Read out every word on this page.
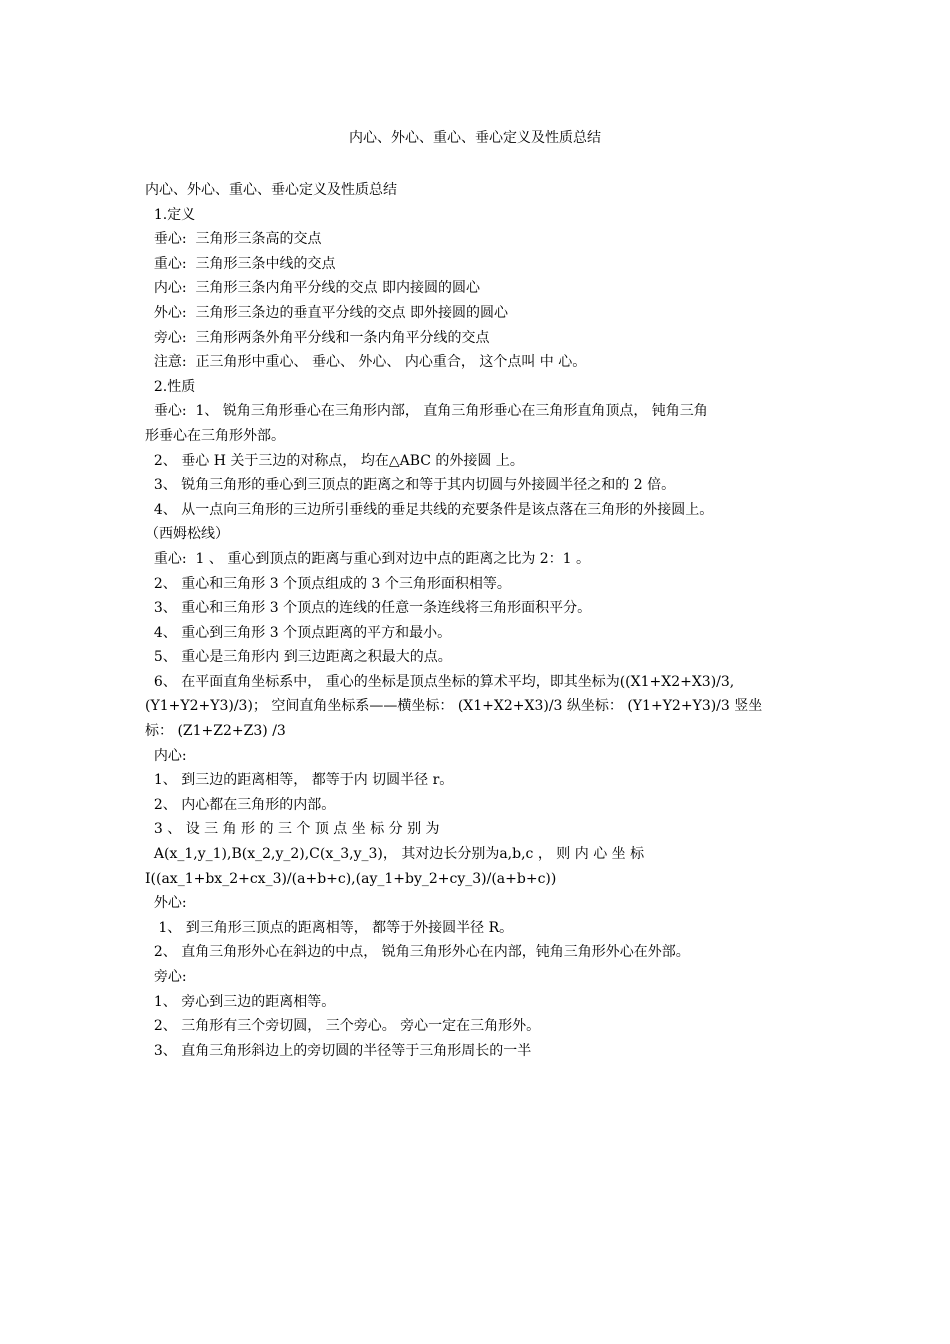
内心、外心、重心、垂心定义及性质总结
内心、外心、重心、垂心定义及性质总结
1.定义
垂心:  三角形三条高的交点
重心:  三角形三条中线的交点
内心:  三角形三条内角平分线的交点 即内接圆的圆心
外心:  三角形三条边的垂直平分线的交点 即外接圆的圆心
旁心:  三角形两条外角平分线和一条内角平分线的交点
注意:  正三角形中重心、 垂心、 外心、 内心重合， 这个点叫 中 心。
2.性质
垂心:  1、 锐角三角形垂心在三角形内部， 直角三角形垂心在三角形直角顶点， 钝角三角
形垂心在三角形外部。
2、 垂心 H 关于三边的对称点， 均在△ABC 的外接圆 上。
3、 锐角三角形的垂心到三顶点的距离之和等于其内切圆与外接圆半径之和的 2 倍。
4、 从一点向三角形的三边所引垂线的垂足共线的充要条件是该点落在三角形的外接圆上。
（西姆松线）
重心:  1 、 重心到顶点的距离与重心到对边中点的距离之比为 2：1 。
2、 重心和三角形 3 个顶点组成的 3 个三角形面积相等。
3、 重心和三角形 3 个顶点的连线的任意一条连线将三角形面积平分。
4、 重心到三角形 3 个顶点距离的平方和最小。
5、 重心是三角形内 到三边距离之积最大的点。
6、 在平面直角坐标系中， 重心的坐标是顶点坐标的算术平均，即其坐标为((X1+X2+X3)/3,
(Y1+Y2+Y3)/3)； 空间直角坐标系——横坐标： (X1+X2+X3)/3 纵坐标： (Y1+Y2+Y3)/3 竖坐
标： (Z1+Z2+Z3) /3
内心:
1、 到三边的距离相等， 都等于内 切圆半径 r。
2、 内心都在三角形的内部。
3 、 设 三 角 形 的 三 个 顶 点 坐 标 分 别 为
A(x_1,y_1),B(x_2,y_2),C(x_3,y_3)， 其对边长分别为a,b,c ， 则 内 心 坐 标
I((ax_1+bx_2+cx_3)/(a+b+c),(ay_1+by_2+cy_3)/(a+b+c))
外心:
1、 到三角形三顶点的距离相等， 都等于外接圆半径 R。
2、 直角三角形外心在斜边的中点， 锐角三角形外心在内部，钝角三角形外心在外部。
旁心:
1、 旁心到三边的距离相等。
2、 三角形有三个旁切圆， 三个旁心。 旁心一定在三角形外。
3、 直角三角形斜边上的旁切圆的半径等于三角形周长的一半
